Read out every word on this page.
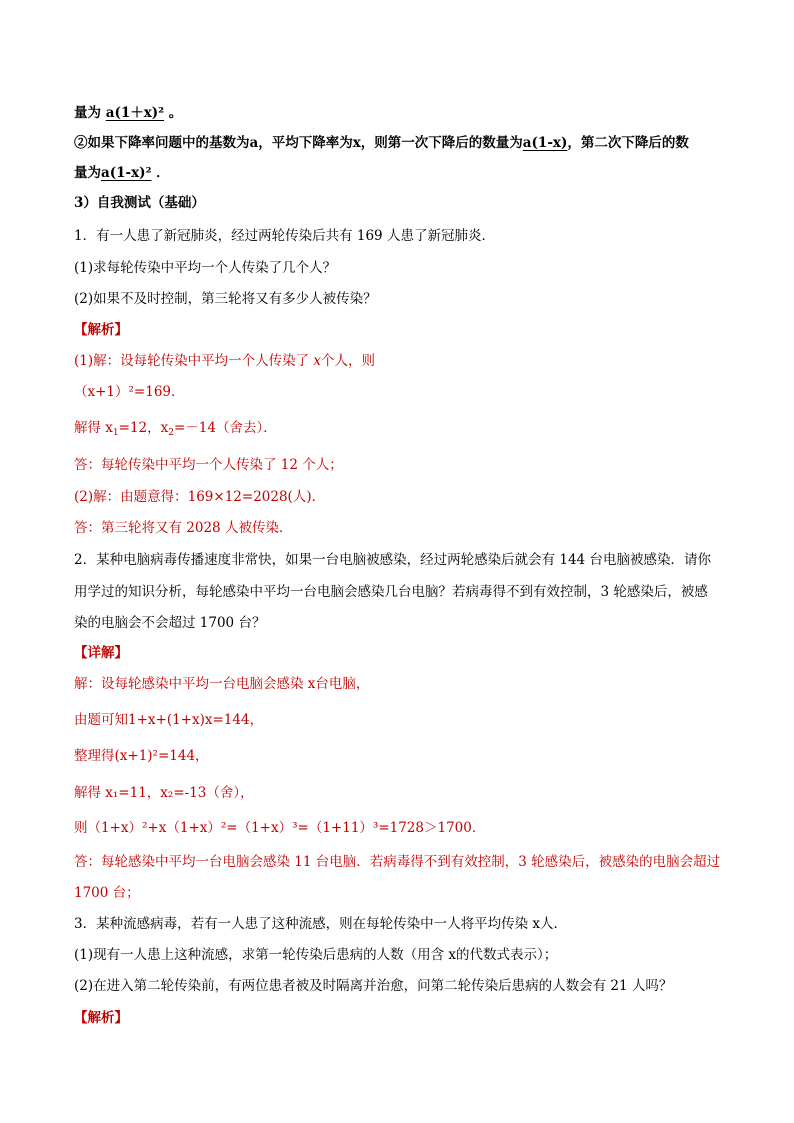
量为 a(1＋x)² 。
②如果下降率问题中的基数为a，平均下降率为x，则第一次下降后的数量为a(1-x)，第二次下降后的数
量为a(1-x)² ．
3）自我测试（基础）
1．有一人患了新冠肺炎，经过两轮传染后共有 169 人患了新冠肺炎．
(1)求每轮传染中平均一个人传染了几个人？
(2)如果不及时控制，第三轮将又有多少人被传染？
【解析】
(1)解：设每轮传染中平均一个人传染了 x个人，则
（x+1）²=169．
解得 $x_1=12$，$x_2=-14$（舍去）．
答：每轮传染中平均一个人传染了 12 个人；
(2)解：由题意得：169×12=2028(人)．
答：第三轮将又有 2028 人被传染．
2．某种电脑病毒传播速度非常快，如果一台电脑被感染，经过两轮感染后就会有 144 台电脑被感染．请你
用学过的知识分析，每轮感染中平均一台电脑会感染几台电脑？若病毒得不到有效控制，3 轮感染后，被感
染的电脑会不会超过 1700 台？
【详解】
解：设每轮感染中平均一台电脑会感染 x台电脑，
由题可知1+x+(1+x)x=144，
整理得(x+1)²=144，
解得 x₁=11，x₂=-13（舍），
则（1+x）²+x（1+x）²=（1+x）³=（1+11）³=1728＞1700．
答：每轮感染中平均一台电脑会感染 11 台电脑．若病毒得不到有效控制，3 轮感染后，被感染的电脑会超过
1700 台；
3．某种流感病毒，若有一人患了这种流感，则在每轮传染中一人将平均传染 x人．
(1)现有一人患上这种流感，求第一轮传染后患病的人数（用含 x的代数式表示）；
(2)在进入第二轮传染前，有两位患者被及时隔离并治愈，问第二轮传染后患病的人数会有 21 人吗？
【解析】
